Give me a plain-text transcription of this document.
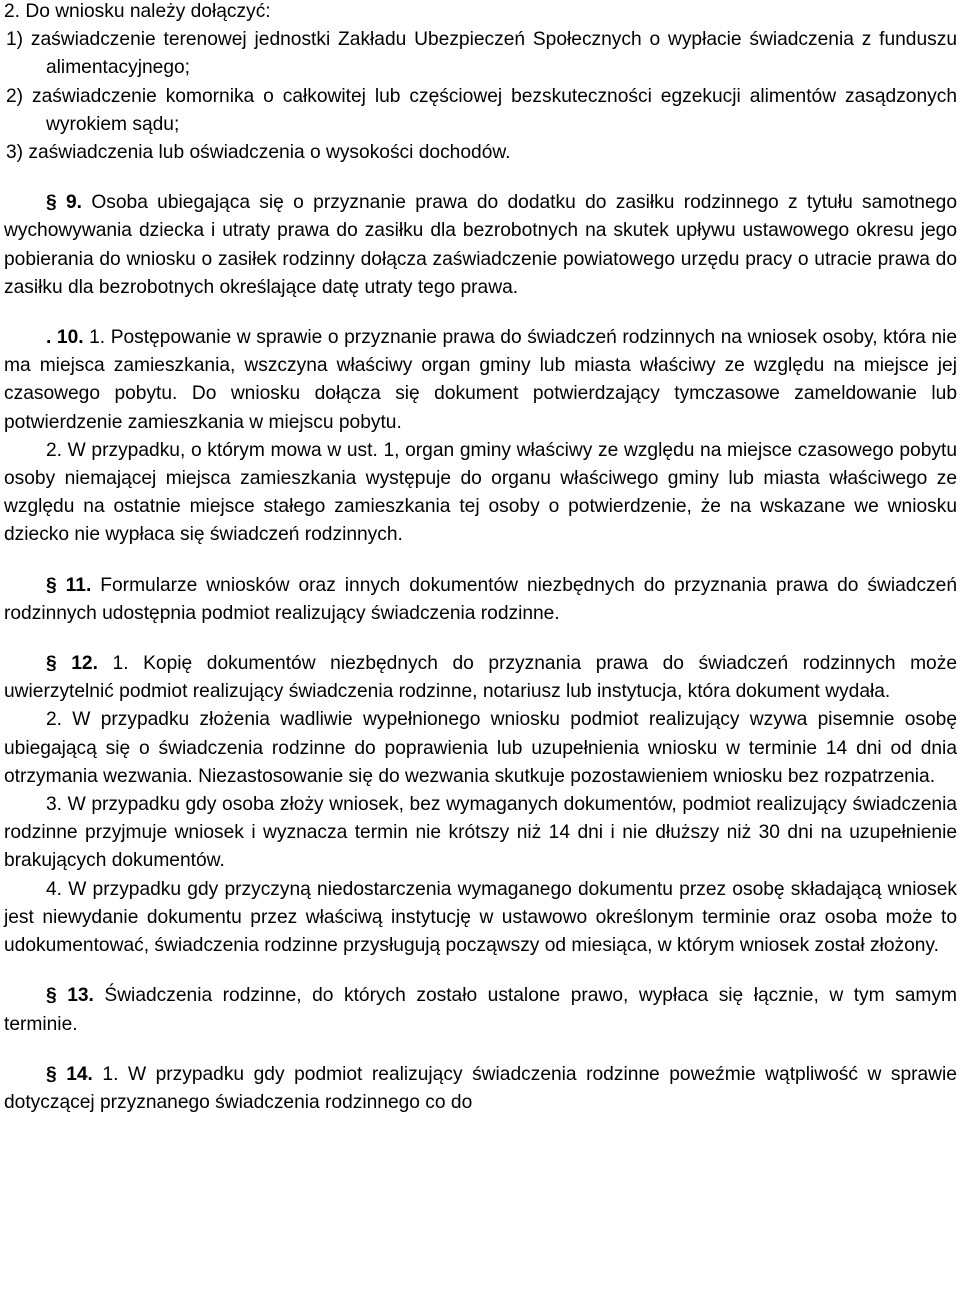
2. Do wniosku należy dołączyć:

1) zaświadczenie terenowej jednostki Zakładu Ubezpieczeń Społecznych o wypłacie świadczenia z funduszu alimentacyjnego;

2) zaświadczenie komornika o całkowitej lub częściowej bezskuteczności egzekucji alimentów zasądzonych wyrokiem sądu;

3) zaświadczenia lub oświadczenia o wysokości dochodów.

§ 9. Osoba ubiegająca się o przyznanie prawa do dodatku do zasiłku rodzinnego z tytułu samotnego wychowywania dziecka i utraty prawa do zasiłku dla bezrobotnych na skutek upływu ustawowego okresu jego pobierania do wniosku o zasiłek rodzinny dołącza zaświadczenie powiatowego urzędu pracy o utracie prawa do zasiłku dla bezrobotnych określające datę utraty tego prawa.

. 10. 1. Postępowanie w sprawie o przyznanie prawa do świadczeń rodzinnych na wniosek osoby, która nie ma miejsca zamieszkania, wszczyna właściwy organ gminy lub miasta właściwy ze względu na miejsce jej czasowego pobytu. Do wniosku dołącza się dokument potwierdzający tymczasowe zameldowanie lub potwierdzenie zamieszkania w miejscu pobytu.

2. W przypadku, o którym mowa w ust. 1, organ gminy właściwy ze względu na miejsce czasowego pobytu osoby niemającej miejsca zamieszkania występuje do organu właściwego gminy lub miasta właściwego ze względu na ostatnie miejsce stałego zamieszkania tej osoby o potwierdzenie, że na wskazane we wniosku dziecko nie wypłaca się świadczeń rodzinnych.

§ 11. Formularze wniosków oraz innych dokumentów niezbędnych do przyznania prawa do świadczeń rodzinnych udostępnia podmiot realizujący świadczenia rodzinne.

§ 12. 1. Kopię dokumentów niezbędnych do przyznania prawa do świadczeń rodzinnych może uwierzytelnić podmiot realizujący świadczenia rodzinne, notariusz lub instytucja, która dokument wydała.

2. W przypadku złożenia wadliwie wypełnionego wniosku podmiot realizujący wzywa pisemnie osobę ubiegającą się o świadczenia rodzinne do poprawienia lub uzupełnienia wniosku w terminie 14 dni od dnia otrzymania wezwania. Niezastosowanie się do wezwania skutkuje pozostawieniem wniosku bez rozpatrzenia.

3. W przypadku gdy osoba złoży wniosek, bez wymaganych dokumentów, podmiot realizujący świadczenia rodzinne przyjmuje wniosek i wyznacza termin nie krótszy niż 14 dni i nie dłuższy niż 30 dni na uzupełnienie brakujących dokumentów.

4. W przypadku gdy przyczyną niedostarczenia wymaganego dokumentu przez osobę składającą wniosek jest niewydanie dokumentu przez właściwą instytucję w ustawowo określonym terminie oraz osoba może to udokumentować, świadczenia rodzinne przysługują począwszy od miesiąca, w którym wniosek został złożony.

§ 13. Świadczenia rodzinne, do których zostało ustalone prawo, wypłaca się łącznie, w tym samym terminie.

§ 14. 1. W przypadku gdy podmiot realizujący świadczenia rodzinne poweźmie wątpliwość w sprawie dotyczącej przyznanego świadczenia rodzinnego co do
